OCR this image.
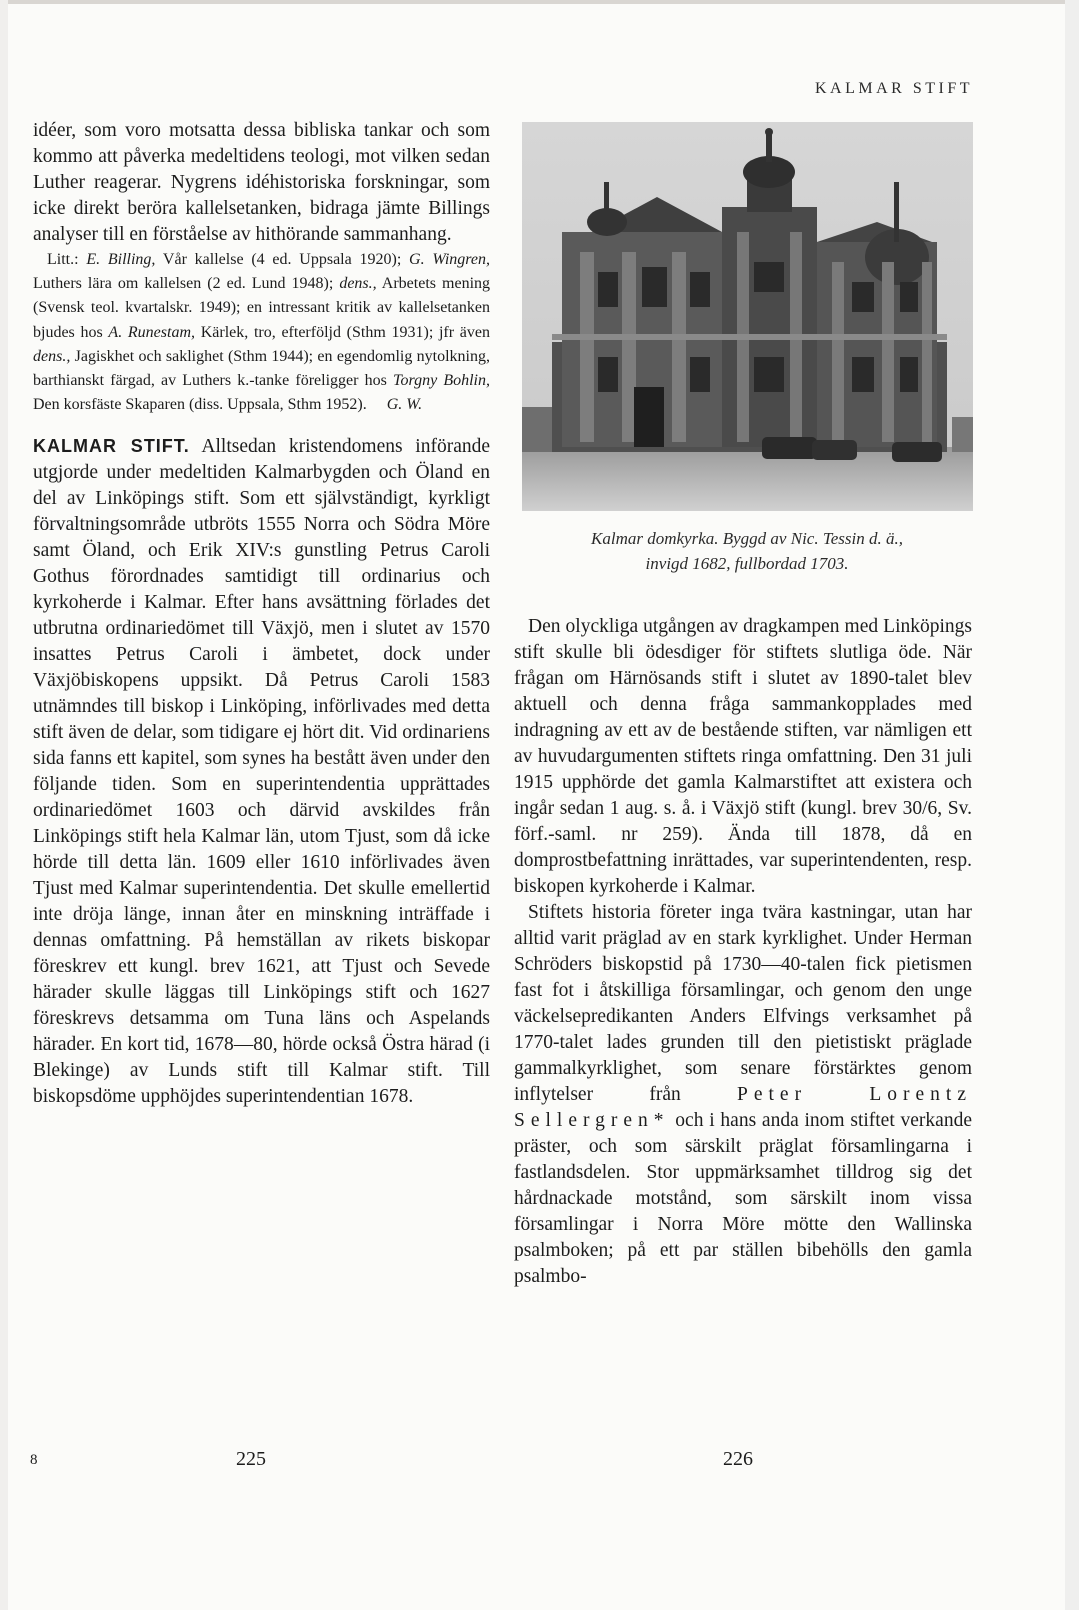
KALMAR STIFT

idéer, som voro motsatta dessa bibliska tankar och som kommo att påverka medeltidens teologi, mot vilken sedan Luther reagerar. Nygrens idéhistoriska forskningar, som icke direkt beröra kallelsetanken, bidraga jämte Billings analyser till en förståelse av hithörande sammanhang.

Litt.: E. Billing, Vår kallelse (4 ed. Uppsala 1920); G. Wingren, Luthers lära om kallelsen (2 ed. Lund 1948); dens., Arbetets mening (Svensk teol. kvartalskr. 1949); en intressant kritik av kallelsetanken bjudes hos A. Runestam, Kärlek, tro, efterföljd (Sthm 1931); jfr även dens., Jagiskhet och saklighet (Sthm 1944); en egendomlig nytolkning, barthianskt färgad, av Luthers k.-tanke föreligger hos Torgny Bohlin, Den korsfäste Skaparen (diss. Uppsala, Sthm 1952). G. W.

KALMAR STIFT. Alltsedan kristendomens införande utgjorde under medeltiden Kalmarbygden och Öland en del av Linköpings stift. Som ett självständigt, kyrkligt förvaltningsområde utbröts 1555 Norra och Södra Möre samt Öland, och Erik XIV:s gunstling Petrus Caroli Gothus förordnades samtidigt till ordinarius och kyrkoherde i Kalmar. Efter hans avsättning förlades det utbrutna ordinariedömet till Växjö, men i slutet av 1570 insattes Petrus Caroli i ämbetet, dock under Växjöbiskopens uppsikt. Då Petrus Caroli 1583 utnämndes till biskop i Linköping, införlivades med detta stift även de delar, som tidigare ej hört dit. Vid ordinariens sida fanns ett kapitel, som synes ha bestått även under den följande tiden. Som en superintendentia upprättades ordinariedömet 1603 och därvid avskildes från Linköpings stift hela Kalmar län, utom Tjust, som då icke hörde till detta län. 1609 eller 1610 införlivades även Tjust med Kalmar superintendentia. Det skulle emellertid inte dröja länge, innan åter en minskning inträffade i dennas omfattning. På hemställan av rikets biskopar föreskrev ett kungl. brev 1621, att Tjust och Sevede härader skulle läggas till Linköpings stift och 1627 föreskrevs detsamma om Tuna läns och Aspelands härader. En kort tid, 1678—80, hörde också Östra härad (i Blekinge) av Lunds stift till Kalmar stift. Till biskopsdöme upphöjdes superintendentian 1678.

Kalmar domkyrka. Byggd av Nic. Tessin d. ä.,
invigd 1682, fullbordad 1703.

Den olyckliga utgången av dragkampen med Linköpings stift skulle bli ödesdiger för stiftets slutliga öde. När frågan om Härnösands stift i slutet av 1890-talet blev aktuell och denna fråga sammankopplades med indragning av ett av de bestående stiften, var nämligen ett av huvudargumenten stiftets ringa omfattning. Den 31 juli 1915 upphörde det gamla Kalmarstiftet att existera och ingår sedan 1 aug. s. å. i Växjö stift (kungl. brev 30/6, Sv. förf.-saml. nr 259). Ända till 1878, då en domprostbefattning inrättades, var superintendenten, resp. biskopen kyrkoherde i Kalmar.

Stiftets historia företer inga tvära kastningar, utan har alltid varit präglad av en stark kyrklighet. Under Herman Schröders biskopstid på 1730—40-talen fick pietismen fast fot i åtskilliga församlingar, och genom den unge väckelsepredikanten Anders Elfvings verksamhet på 1770-talet lades grunden till den pietistiskt präglade gammalkyrklighet, som senare förstärktes genom inflytelser från Peter Lorentz Sellergren* och i hans anda inom stiftet verkande präster, och som särskilt präglat församlingarna i fastlandsdelen. Stor uppmärksamhet tilldrog sig det hårdnackade motstånd, som särskilt inom vissa församlingar i Norra Möre mötte den Wallinska psalmboken; på ett par ställen bibehölls den gamla psalmbo-

8	225	226
